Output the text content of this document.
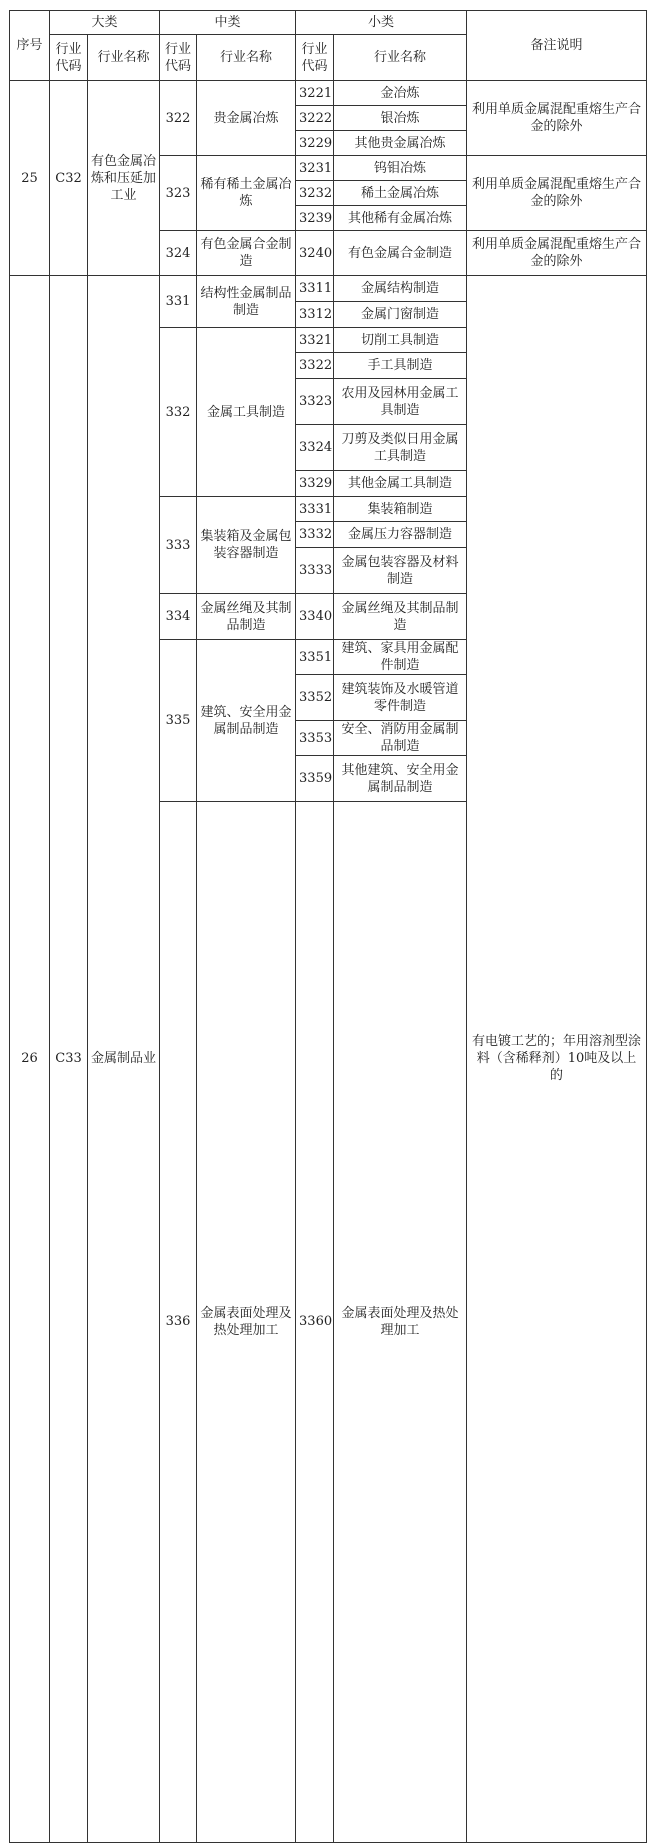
序号	大类		中类		小类		备注说明	
	行业代码	行业名称	行业代码	行业名称	行业代码	行业名称		
25	C32	有色金属冶炼和压延加工业	322	贵金属冶炼	3221	金冶炼	利用单质金属混配重熔生产合金的除外	
					3222	银冶炼		
					3229	其他贵金属冶炼		
			323	稀有稀土金属冶炼	3231	钨钼冶炼	利用单质金属混配重熔生产合金的除外	
					3232	稀土金属冶炼		
					3239	其他稀有金属冶炼		
			324	有色金属合金制造	3240	有色金属合金制造	利用单质金属混配重熔生产合金的除外	
26	C33	金属制品业	331	结构性金属制品制造	3311	金属结构制造	有电镀工艺的；年用溶剂型涂料（含稀释剂）10吨及以上的	
					3312	金属门窗制造		
			332	金属工具制造	3321	切削工具制造		
					3322	手工具制造		
					3323	农用及园林用金属工具制造		
					3324	刀剪及类似日用金属工具制造		
					3329	其他金属工具制造		
			333	集装箱及金属包装容器制造	3331	集装箱制造		
					3332	金属压力容器制造		
					3333	金属包装容器及材料制造		
			334	金属丝绳及其制品制造	3340	金属丝绳及其制品制造		
			335	建筑、安全用金属制品制造	3351	建筑、家具用金属配件制造		
					3352	建筑装饰及水暖管道零件制造		
					3353	安全、消防用金属制品制造		
					3359	其他建筑、安全用金属制品制造		
			336	金属表面处理及热处理加工	3360	金属表面处理及热处理加工	
